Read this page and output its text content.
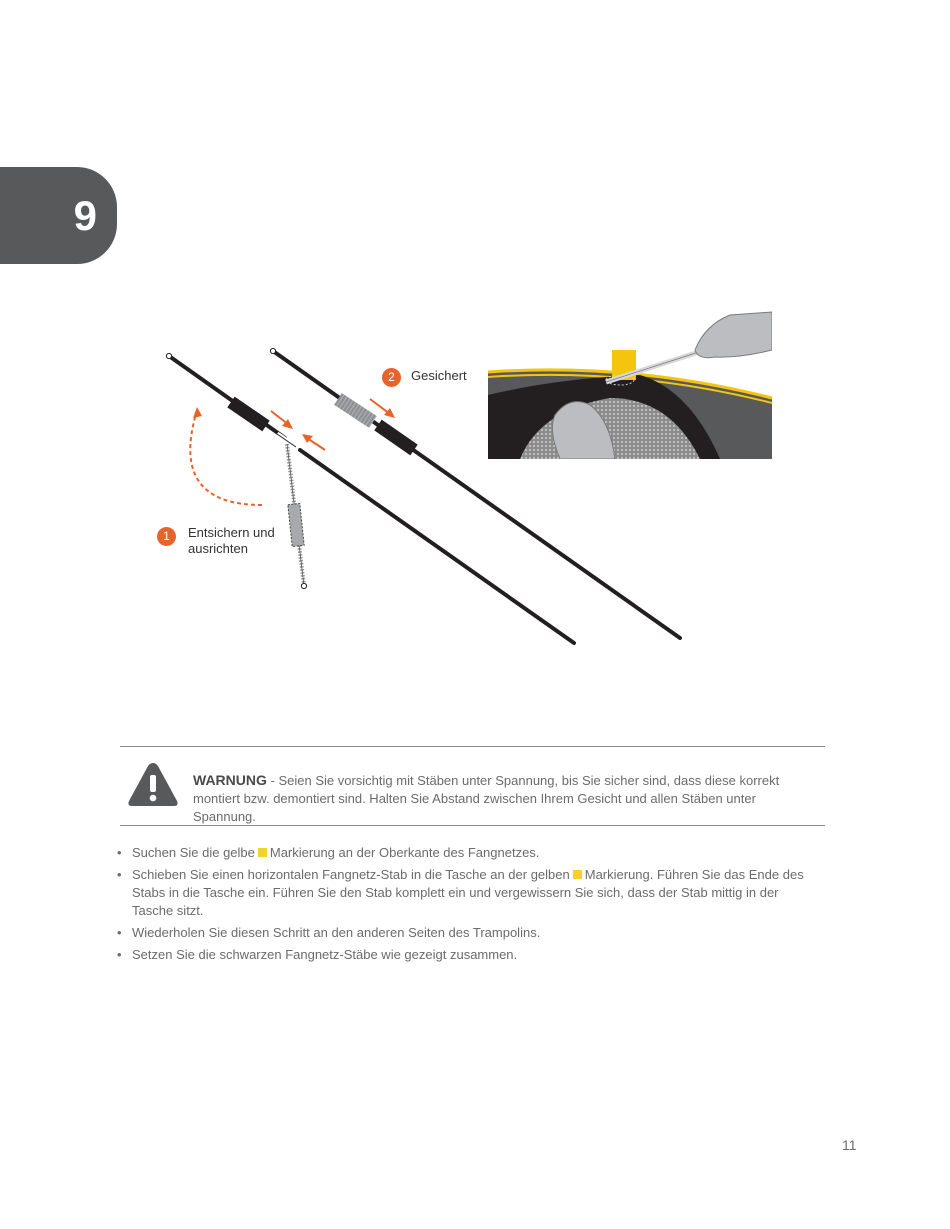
9
1	Entsichern und
ausrichten
2	Gesichert
WARNUNG - Seien Sie vorsichtig mit Stäben unter Spannung, bis Sie sicher sind, dass diese korrekt montiert bzw. demontiert sind. Halten Sie Abstand zwischen Ihrem Gesicht und allen Stäben unter Spannung.
• Suchen Sie die gelbe Markierung an der Oberkante des Fangnetzes.
• Schieben Sie einen horizontalen Fangnetz-Stab in die Tasche an der gelben Markierung. Führen Sie das Ende des Stabs in die Tasche ein. Führen Sie den Stab komplett ein und vergewissern Sie sich, dass der Stab mittig in der Tasche sitzt.
• Wiederholen Sie diesen Schritt an den anderen Seiten des Trampolins.
• Setzen Sie die schwarzen Fangnetz-Stäbe wie gezeigt zusammen.
11
